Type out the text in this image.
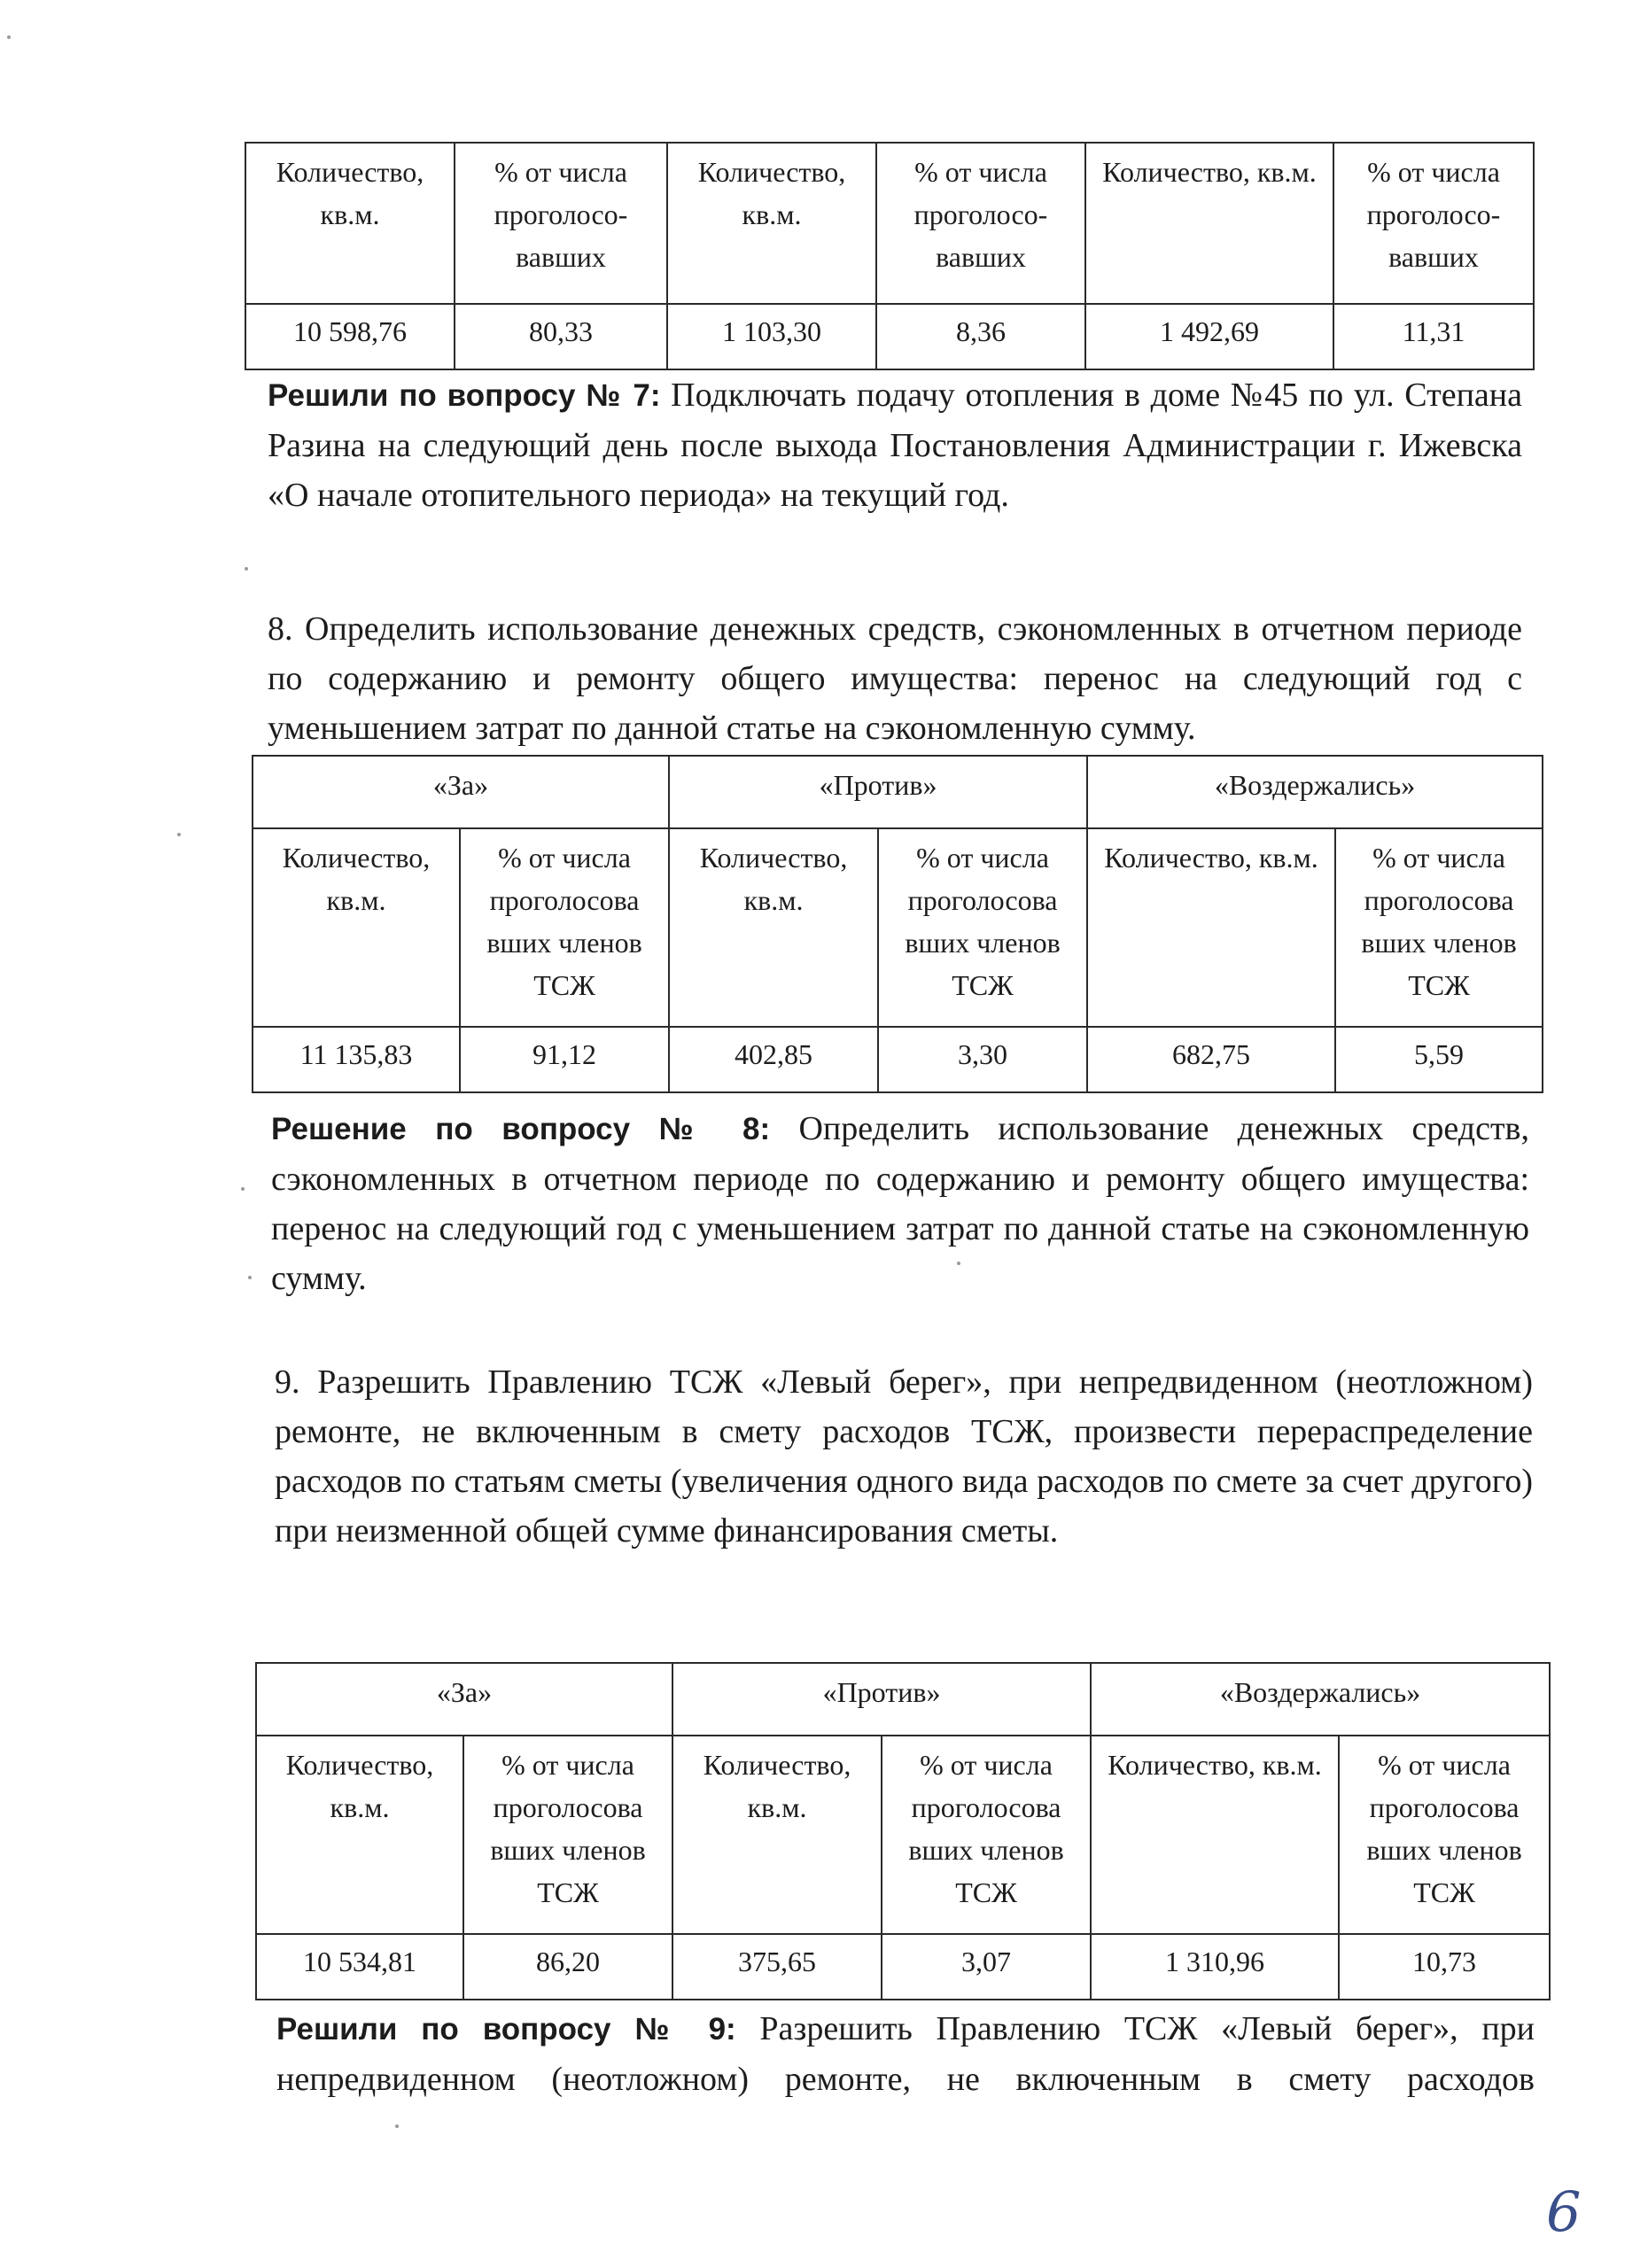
Количество, кв.м.	% от числа проголосо- вавших	Количество, кв.м.	% от числа проголосо- вавших	Количество, кв.м.	% от числа проголосо- вавших
10 598,76	80,33	1 103,30	8,36	1 492,69	11,31

Решили по вопросу № 7: Подключать подачу отопления в доме №45 по ул. Степана Разина на следующий день после выхода Постановления Администрации г. Ижевска «О начале отопительного периода» на текущий год.

8. Определить использование денежных средств, сэкономленных в отчетном периоде по содержанию и ремонту общего имущества: перенос на следующий год с уменьшением затрат по данной статье на сэкономленную сумму.

«За»		«Против»		«Воздержались»	
Количество, кв.м.	% от числа проголосова вших членов ТСЖ	Количество, кв.м.	% от числа проголосова вших членов ТСЖ	Количество, кв.м.	% от числа проголосова вших членов ТСЖ
11 135,83	91,12	402,85	3,30	682,75	5,59

Решение по вопросу № 8: Определить использование денежных средств, сэкономленных в отчетном периоде по содержанию и ремонту общего имущества: перенос на следующий год с уменьшением затрат по данной статье на сэкономленную сумму.

9. Разрешить Правлению ТСЖ «Левый берег», при непредвиденном (неотложном) ремонте, не включенным в смету расходов ТСЖ, произвести перераспределение расходов по статьям сметы (увеличения одного вида расходов по смете за счет другого) при неизменной общей сумме финансирования сметы.

«За»		«Против»		«Воздержались»	
Количество, кв.м.	% от числа проголосова вших членов ТСЖ	Количество, кв.м.	% от числа проголосова вших членов ТСЖ	Количество, кв.м.	% от числа проголосова вших членов ТСЖ
10 534,81	86,20	375,65	3,07	1 310,96	10,73

Решили по вопросу № 9: Разрешить Правлению ТСЖ «Левый берег», при непредвиденном (неотложном) ремонте, не включенным в смету расходов

6
